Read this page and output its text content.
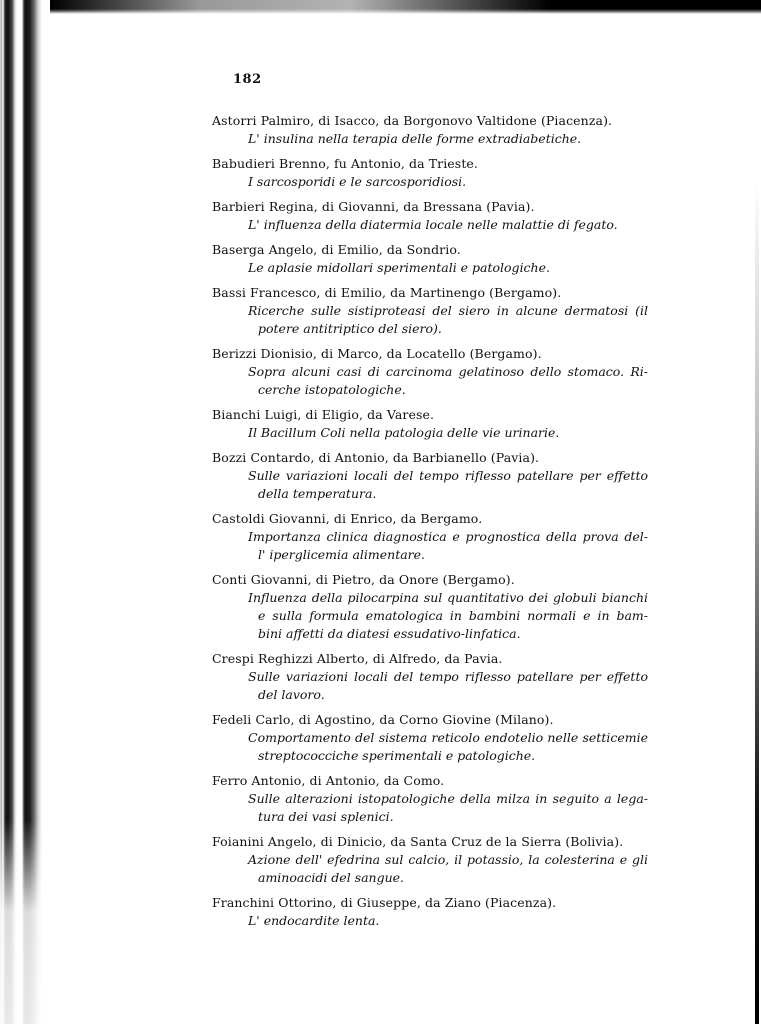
182
Astorri Palmiro, di Isacco, da Borgonovo Valtidone (Piacenza).
L' insulina nella terapia delle forme extradiabetiche.
Babudieri Brenno, fu Antonio, da Trieste.
I sarcosporidi e le sarcosporidiosi.
Barbieri Regina, di Giovanni, da Bressana (Pavia).
L' influenza della diatermia locale nelle malattie di fegato.
Baserga Angelo, di Emilio, da Sondrio.
Le aplasie midollari sperimentali e patologiche.
Bassi Francesco, di Emilio, da Martinengo (Bergamo).
Ricerche sulle sistiproteasi del siero in alcune dermatosi (il
potere antitriptico del siero).
Berizzi Dionisio, di Marco, da Locatello (Bergamo).
Sopra alcuni casi di carcinoma gelatinoso dello stomaco. Ri-
cerche istopatologiche.
Bianchi Luigi, di Eligio, da Varese.
Il Bacillum Coli nella patologia delle vie urinarie.
Bozzi Contardo, di Antonio, da Barbianello (Pavia).
Sulle variazioni locali del tempo riflesso patellare per effetto
della temperatura.
Castoldi Giovanni, di Enrico, da Bergamo.
Importanza clinica diagnostica e prognostica della prova del-
l' iperglicemia alimentare.
Conti Giovanni, di Pietro, da Onore (Bergamo).
Influenza della pilocarpina sul quantitativo dei globuli bianchi
e sulla formula ematologica in bambini normali e in bam-
bini affetti da diatesi essudativo-linfatica.
Crespi Reghizzi Alberto, di Alfredo, da Pavia.
Sulle variazioni locali del tempo riflesso patellare per effetto
del lavoro.
Fedeli Carlo, di Agostino, da Corno Giovine (Milano).
Comportamento del sistema reticolo endotelio nelle setticemie
streptococciche sperimentali e patologiche.
Ferro Antonio, di Antonio, da Como.
Sulle alterazioni istopatologiche della milza in seguito a lega-
tura dei vasi splenici.
Foianini Angelo, di Dinicio, da Santa Cruz de la Sierra (Bolivia).
Azione dell' efedrina sul calcio, il potassio, la colesterina e gli
aminoacidi del sangue.
Franchini Ottorino, di Giuseppe, da Ziano (Piacenza).
L' endocardite lenta.
